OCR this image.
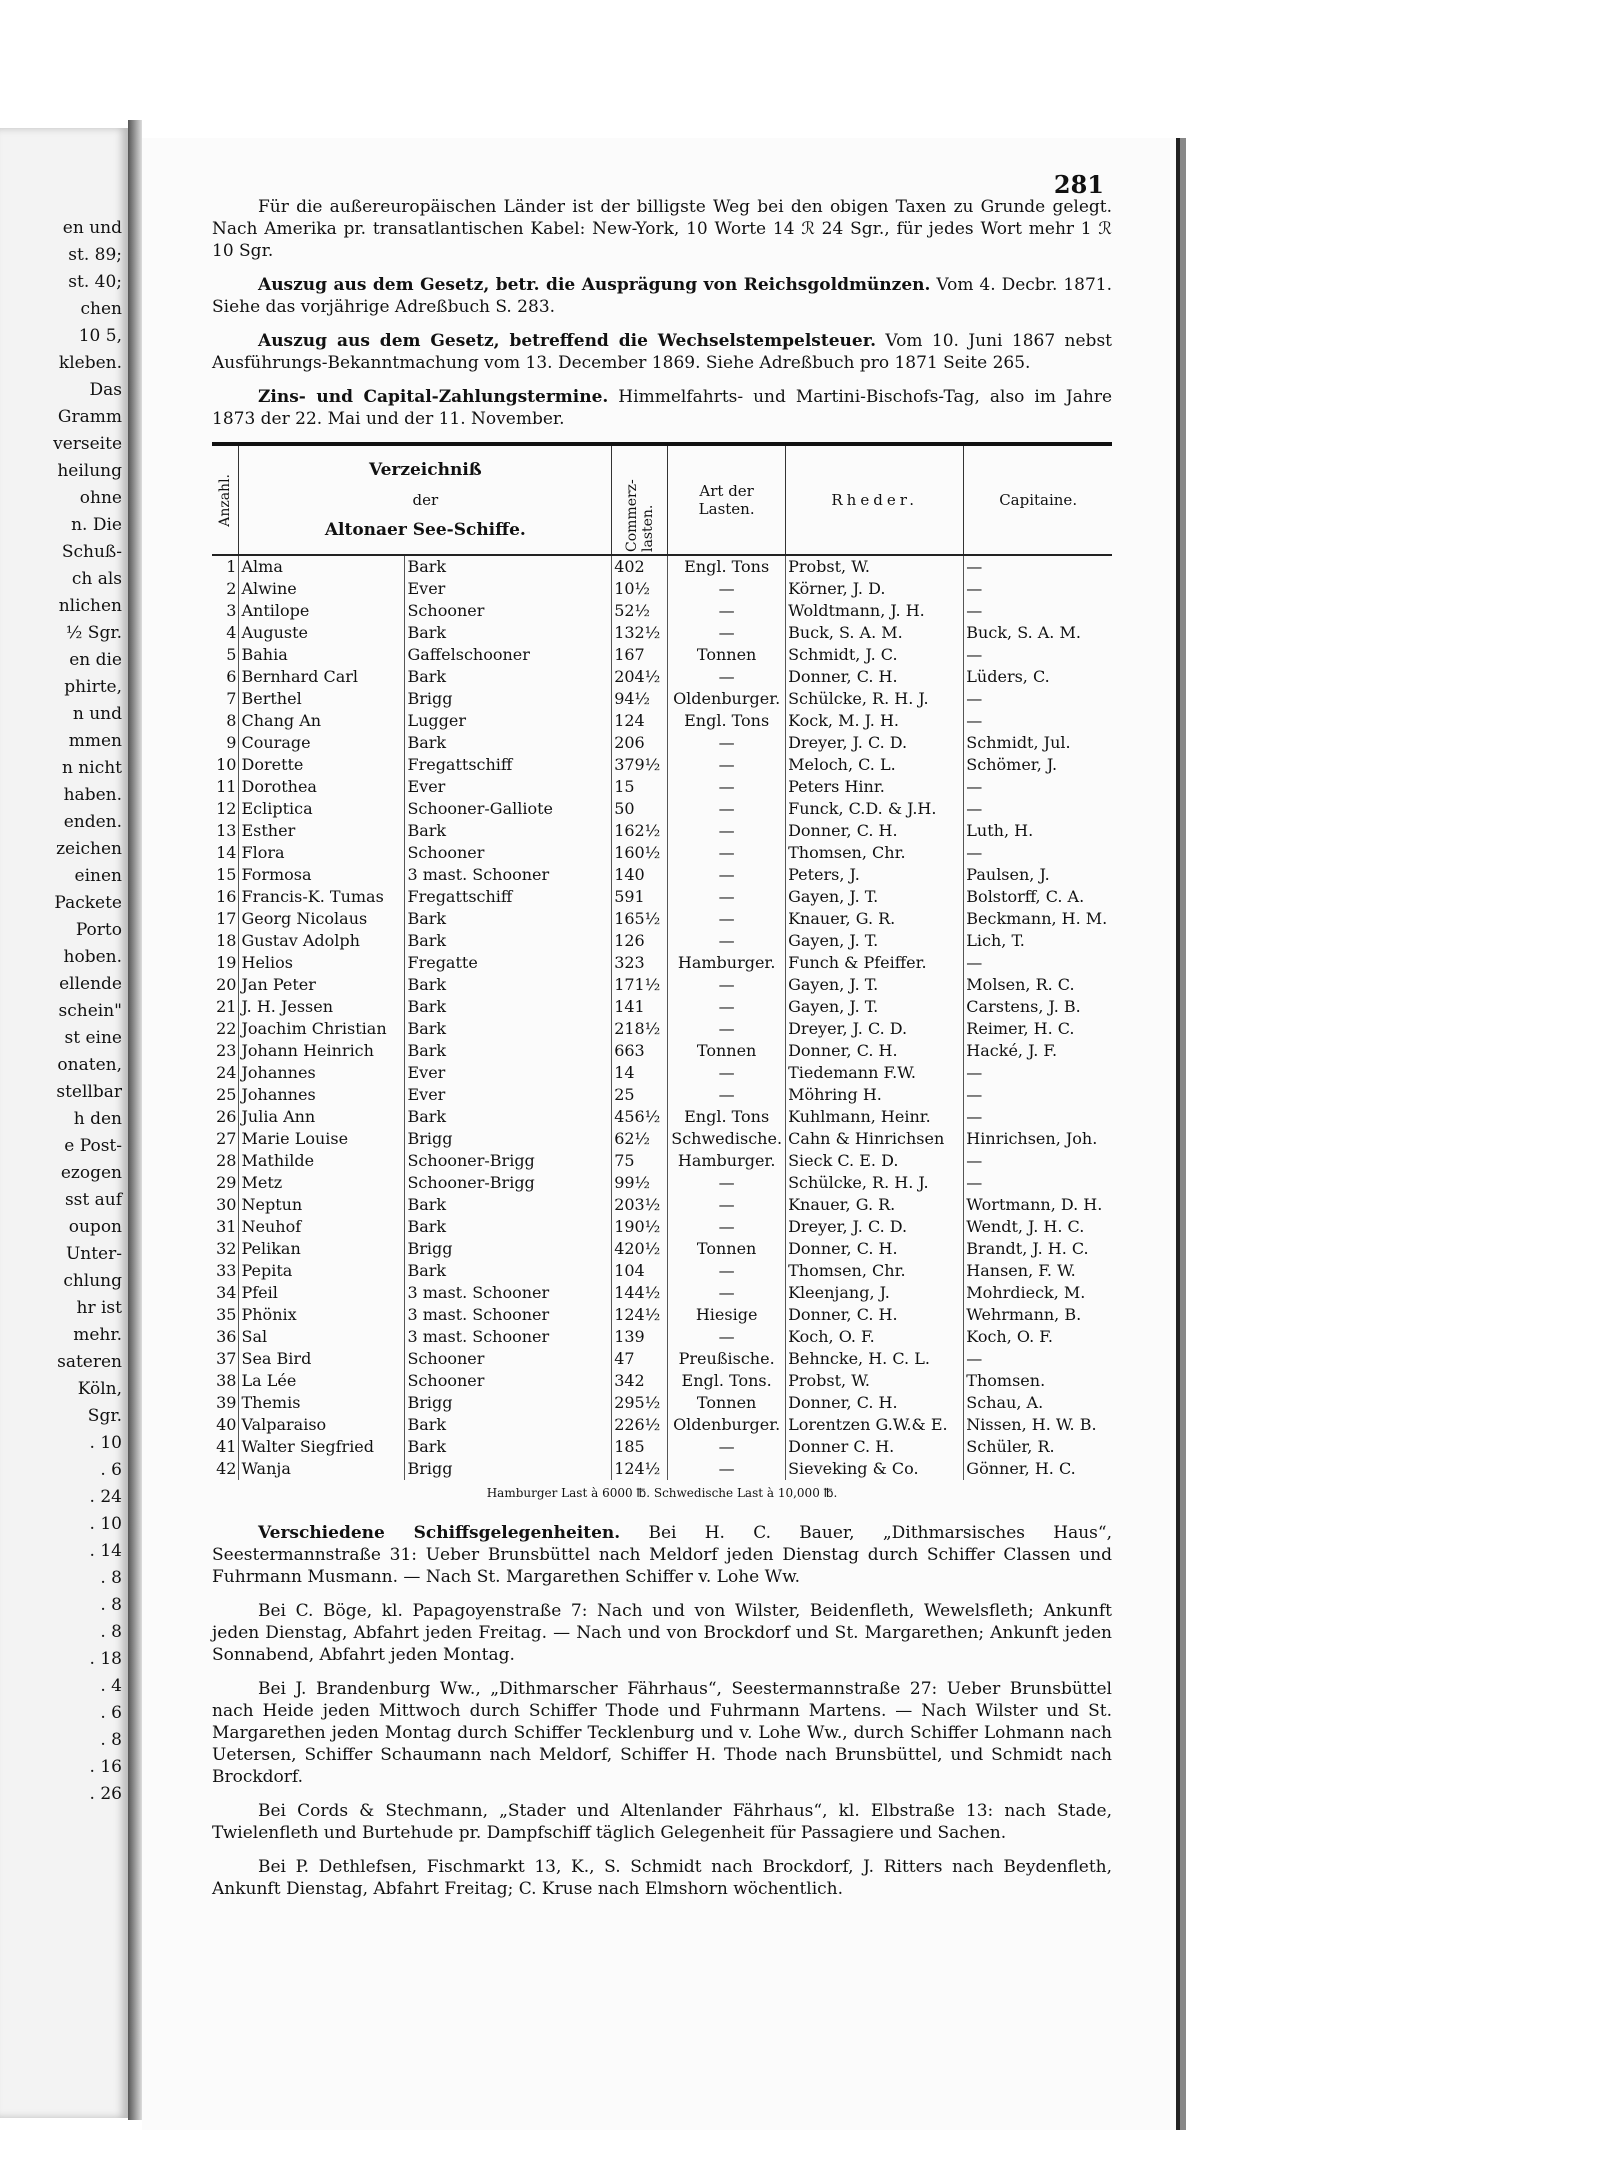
en und
st. 89;
st. 40;
chen
10 5,
kleben.
Das
Gramm
verseite
heilung
ohne
n. Die
Schuß-
ch als
nlichen
½ Sgr.
en die
phirte,
n und
mmen
n nicht
haben.
enden.
zeichen
einen
Packete
Porto
hoben.
ellende
schein"
st eine
onaten,
stellbar
h den
e Post-
ezogen
sst auf
oupon
Unter-
chlung
hr ist
mehr.
sateren
Köln,
Sgr.
. 10
. 6
. 24
. 10
. 14
. 8
. 8
. 8
. 18
. 4
. 6
. 8
. 16
. 26
281

Für die außereuropäischen Länder ist der billigste Weg bei den obigen Taxen zu Grunde gelegt. Nach Amerika pr. transatlantischen Kabel: New-York, 10 Worte 14 ℛ 24 Sgr., für jedes Wort mehr 1 ℛ 10 Sgr.

Auszug aus dem Gesetz, betr. die Ausprägung von Reichsgoldmünzen. Vom 4. Decbr. 1871. Siehe das vorjährige Adreßbuch S. 283.

Auszug aus dem Gesetz, betreffend die Wechselstempelsteuer. Vom 10. Juni 1867 nebst Ausführungs-Bekanntmachung vom 13. December 1869. Siehe Adreßbuch pro 1871 Seite 265.

Zins- und Capital-Zahlungstermine. Himmelfahrts- und Martini-Bischofs-Tag, also im Jahre 1873 der 22. Mai und der 11. November.

Anzahl.	Verzeichniß
der
Altonaer See-Schiffe.		Commerz-lasten.	Art der Lasten.	Rheder.	Capitaine.
1	Alma	Bark	402	Engl. Tons	Probst, W.	—
2	Alwine	Ever	10½	—	Körner, J. D.	—
3	Antilope	Schooner	52½	—	Woldtmann, J. H.	—
4	Auguste	Bark	132½	—	Buck, S. A. M.	Buck, S. A. M.
5	Bahia	Gaffelschooner	167	Tonnen	Schmidt, J. C.	—
6	Bernhard Carl	Bark	204½	—	Donner, C. H.	Lüders, C.
7	Berthel	Brigg	94½	Oldenburger.	Schülcke, R. H. J.	—
8	Chang An	Lugger	124	Engl. Tons	Kock, M. J. H.	—
9	Courage	Bark	206	—	Dreyer, J. C. D.	Schmidt, Jul.
10	Dorette	Fregattschiff	379½	—	Meloch, C. L.	Schömer, J.
11	Dorothea	Ever	15	—	Peters Hinr.	—
12	Ecliptica	Schooner-Galliote	50	—	Funck, C.D. & J.H.	—
13	Esther	Bark	162½	—	Donner, C. H.	Luth, H.
14	Flora	Schooner	160½	—	Thomsen, Chr.	—
15	Formosa	3 mast. Schooner	140	—	Peters, J.	Paulsen, J.
16	Francis-K. Tumas	Fregattschiff	591	—	Gayen, J. T.	Bolstorff, C. A.
17	Georg Nicolaus	Bark	165½	—	Knauer, G. R.	Beckmann, H. M.
18	Gustav Adolph	Bark	126	—	Gayen, J. T.	Lich, T.
19	Helios	Fregatte	323	Hamburger.	Funch & Pfeiffer.	—
20	Jan Peter	Bark	171½	—	Gayen, J. T.	Molsen, R. C.
21	J. H. Jessen	Bark	141	—	Gayen, J. T.	Carstens, J. B.
22	Joachim Christian	Bark	218½	—	Dreyer, J. C. D.	Reimer, H. C.
23	Johann Heinrich	Bark	663	Tonnen	Donner, C. H.	Hacké, J. F.
24	Johannes	Ever	14	—	Tiedemann F.W.	—
25	Johannes	Ever	25	—	Möhring H.	—
26	Julia Ann	Bark	456½	Engl. Tons	Kuhlmann, Heinr.	—
27	Marie Louise	Brigg	62½	Schwedische.	Cahn & Hinrichsen	Hinrichsen, Joh.
28	Mathilde	Schooner-Brigg	75	Hamburger.	Sieck C. E. D.	—
29	Metz	Schooner-Brigg	99½	—	Schülcke, R. H. J.	—
30	Neptun	Bark	203½	—	Knauer, G. R.	Wortmann, D. H.
31	Neuhof	Bark	190½	—	Dreyer, J. C. D.	Wendt, J. H. C.
32	Pelikan	Brigg	420½	Tonnen	Donner, C. H.	Brandt, J. H. C.
33	Pepita	Bark	104	—	Thomsen, Chr.	Hansen, F. W.
34	Pfeil	3 mast. Schooner	144½	—	Kleenjang, J.	Mohrdieck, M.
35	Phönix	3 mast. Schooner	124½	Hiesige	Donner, C. H.	Wehrmann, B.
36	Sal	3 mast. Schooner	139	—	Koch, O. F.	Koch, O. F.
37	Sea Bird	Schooner	47	Preußische.	Behncke, H. C. L.	—
38	La Lée	Schooner	342	Engl. Tons.	Probst, W.	Thomsen.
39	Themis	Brigg	295½	Tonnen	Donner, C. H.	Schau, A.
40	Valparaiso	Bark	226½	Oldenburger.	Lorentzen G.W.& E.	Nissen, H. W. B.
41	Walter Siegfried	Bark	185	—	Donner C. H.	Schüler, R.
42	Wanja	Brigg	124½	—	Sieveking & Co.	Gönner, H. C.
Hamburger Last à 6000 ℔. Schwedische Last à 10,000 ℔.

Verschiedene Schiffsgelegenheiten. Bei H. C. Bauer, „Dithmarsisches Haus“, Seestermannstraße 31: Ueber Brunsbüttel nach Meldorf jeden Dienstag durch Schiffer Classen und Fuhrmann Musmann. — Nach St. Margarethen Schiffer v. Lohe Ww.

Bei C. Böge, kl. Papagoyenstraße 7: Nach und von Wilster, Beidenfleth, Wewelsfleth; Ankunft jeden Dienstag, Abfahrt jeden Freitag. — Nach und von Brockdorf und St. Margarethen; Ankunft jeden Sonnabend, Abfahrt jeden Montag.

Bei J. Brandenburg Ww., „Dithmarscher Fährhaus“, Seestermannstraße 27: Ueber Brunsbüttel nach Heide jeden Mittwoch durch Schiffer Thode und Fuhrmann Martens. — Nach Wilster und St. Margarethen jeden Montag durch Schiffer Tecklenburg und v. Lohe Ww., durch Schiffer Lohmann nach Uetersen, Schiffer Schaumann nach Meldorf, Schiffer H. Thode nach Brunsbüttel, und Schmidt nach Brockdorf.

Bei Cords & Stechmann, „Stader und Altenlander Fährhaus“, kl. Elbstraße 13: nach Stade, Twielenfleth und Burtehude pr. Dampfschiff täglich Gelegenheit für Passagiere und Sachen.

Bei P. Dethlefsen, Fischmarkt 13, K., S. Schmidt nach Brockdorf, J. Ritters nach Beydenfleth, Ankunft Dienstag, Abfahrt Freitag; C. Kruse nach Elmshorn wöchentlich.
